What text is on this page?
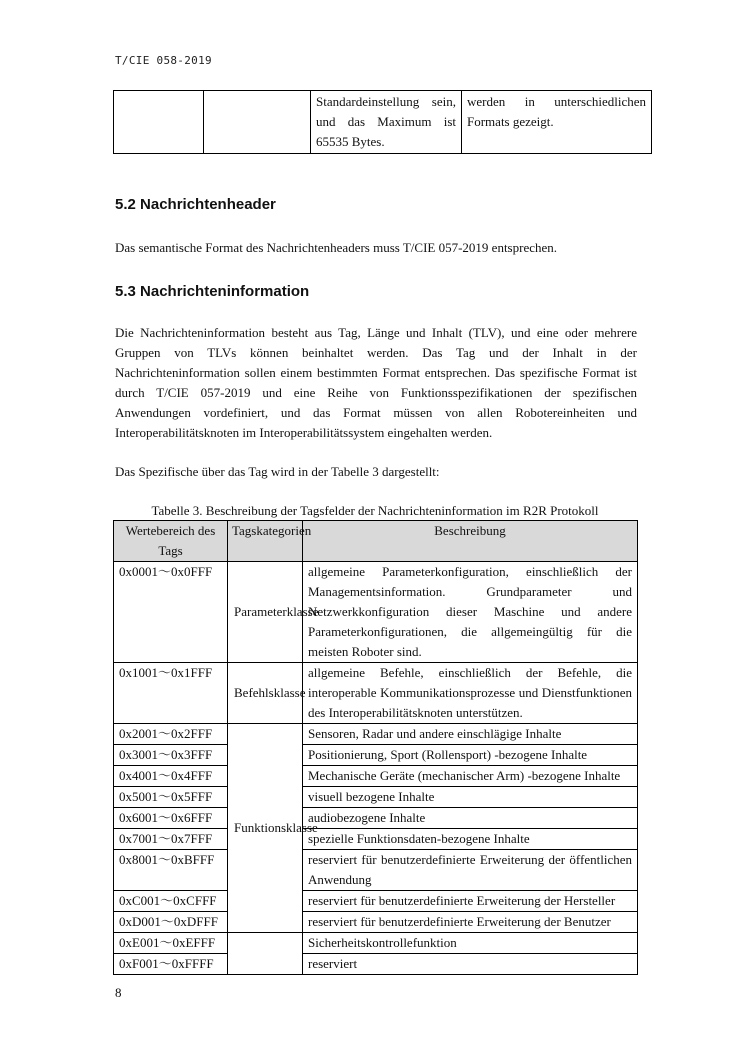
T/CIE 058-2019
		Standardeinstellung sein, und das Maximum ist 65535 Bytes.	werden in unterschiedlichen Formats gezeigt.
5.2 Nachrichtenheader

Das semantische Format des Nachrichtenheaders muss T/CIE 057-2019 entsprechen.

5.3 Nachrichteninformation

Die Nachrichteninformation besteht aus Tag, Länge und Inhalt (TLV), und eine oder mehrere Gruppen von TLVs können beinhaltet werden. Das Tag und der Inhalt in der Nachrichteninformation sollen einem bestimmten Format entsprechen. Das spezifische Format ist durch T/CIE 057-2019 und eine Reihe von Funktionsspezifikationen der spezifischen Anwendungen vordefiniert, und das Format müssen von allen Robotereinheiten und Interoperabilitätsknoten im Interoperabilitätssystem eingehalten werden.

Das Spezifische über das Tag wird in der Tabelle 3 dargestellt:

Tabelle 3. Beschreibung der Tagsfelder der Nachrichteninformation im R2R Protokoll

Wertebereich des Tags	Tagskategorien	Beschreibung
0x0001～0x0FFF	Parameterklasse	allgemeine Parameterkonfiguration, einschließlich der Managementsinformation. Grundparameter und Netzwerkkonfiguration dieser Maschine und andere Parameterkonfigurationen, die allgemeingültig für die meisten Roboter sind.
0x1001～0x1FFF	Befehlsklasse	allgemeine Befehle, einschließlich der Befehle, die interoperable Kommunikationsprozesse und Dienstfunktionen des Interoperabilitätsknoten unterstützen.
0x2001～0x2FFF	Funktionsklasse	Sensoren, Radar und andere einschlägige Inhalte
0x3001～0x3FFF		Positionierung, Sport (Rollensport) -bezogene Inhalte
0x4001～0x4FFF		Mechanische Geräte (mechanischer Arm) -bezogene Inhalte
0x5001～0x5FFF		visuell bezogene Inhalte
0x6001～0x6FFF		audiobezogene Inhalte
0x7001～0x7FFF		spezielle Funktionsdaten-bezogene Inhalte
0x8001～0xBFFF		reserviert für benutzerdefinierte Erweiterung der öffentlichen Anwendung
0xC001～0xCFFF		reserviert für benutzerdefinierte Erweiterung der Hersteller
0xD001～0xDFFF		reserviert für benutzerdefinierte Erweiterung der Benutzer
0xE001～0xEFFF		Sicherheitskontrollefunktion
0xF001～0xFFFF		reserviert
8
